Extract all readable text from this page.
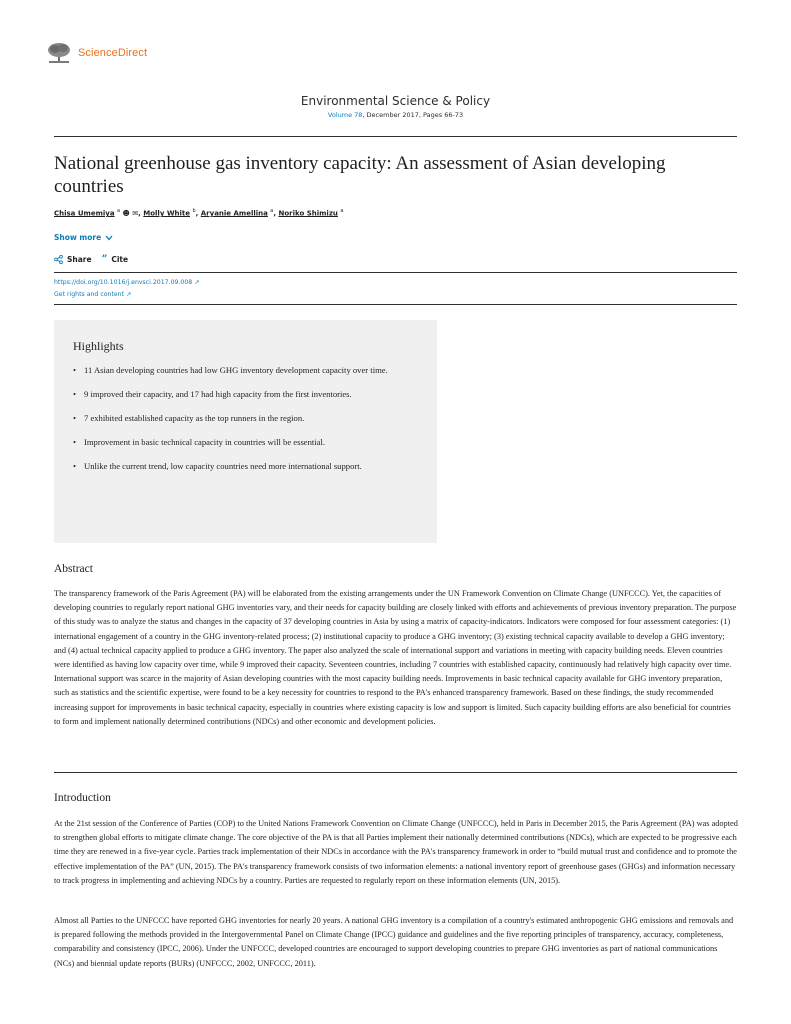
ScienceDirect
Environmental Science & Policy
Volume 78, December 2017, Pages 66-73
National greenhouse gas inventory capacity: An assessment of Asian developing countries
Chisa Umemiya $^a$ ☻ ✉, Molly White $^b$, Aryanie Amellina $^a$, Noriko Shimizu $^a$
Show more
Share ” Cite
https://doi.org/10.1016/j.envsci.2017.09.008 ↗
Get rights and content ↗
Highlights
• 11 Asian developing countries had low GHG inventory development capacity over time.
• 9 improved their capacity, and 17 had high capacity from the first inventories.
• 7 exhibited established capacity as the top runners in the region.
• Improvement in basic technical capacity in countries will be essential.
• Unlike the current trend, low capacity countries need more international support.
Abstract

The transparency framework of the Paris Agreement (PA) will be elaborated from the existing arrangements under the UN Framework Convention on Climate Change (UNFCCC). Yet, the capacities of developing countries to regularly report national GHG inventories vary, and their needs for capacity building are closely linked with efforts and achievements of previous inventory preparation. The purpose of this study was to analyze the status and changes in the capacity of 37 developing countries in Asia by using a matrix of capacity-indicators. Indicators were composed for four assessment categories: (1) international engagement of a country in the GHG inventory-related process; (2) institutional capacity to produce a GHG inventory; (3) existing technical capacity available to develop a GHG inventory; and (4) actual technical capacity applied to produce a GHG inventory. The paper also analyzed the scale of international support and variations in meeting with capacity building needs. Eleven countries were identified as having low capacity over time, while 9 improved their capacity. Seventeen countries, including 7 countries with established capacity, continuously had relatively high capacity over time. International support was scarce in the majority of Asian developing countries with the most capacity building needs. Improvements in basic technical capacity available for GHG inventory preparation, such as statistics and the scientific expertise, were found to be a key necessity for countries to respond to the PA's enhanced transparency framework. Based on these findings, the study recommended increasing support for improvements in basic technical capacity, especially in countries where existing capacity is low and support is limited. Such capacity building efforts are also beneficial for countries to form and implement nationally determined contributions (NDCs) and other economic and development policies.

Introduction

At the 21st session of the Conference of Parties (COP) to the United Nations Framework Convention on Climate Change (UNFCCC), held in Paris in December 2015, the Paris Agreement (PA) was adopted to strengthen global efforts to mitigate climate change. The core objective of the PA is that all Parties implement their nationally determined contributions (NDCs), which are expected to be progressive each time they are renewed in a five-year cycle. Parties track implementation of their NDCs in accordance with the PA's transparency framework in order to “build mutual trust and confidence and to promote the effective implementation of the PA” (UN, 2015). The PA's transparency framework consists of two information elements: a national inventory report of greenhouse gases (GHGs) and information necessary to track progress in implementing and achieving NDCs by a country. Parties are requested to regularly report on these information elements (UN, 2015).

Almost all Parties to the UNFCCC have reported GHG inventories for nearly 20 years. A national GHG inventory is a compilation of a country's estimated anthropogenic GHG emissions and removals and is prepared following the methods provided in the Intergovernmental Panel on Climate Change (IPCC) guidance and guidelines and the five reporting principles of transparency, accuracy, completeness, comparability and consistency (IPCC, 2006). Under the UNFCCC, developed countries are encouraged to support developing countries to prepare GHG inventories as part of national communications (NCs) and biennial update reports (BURs) (UNFCCC, 2002, UNFCCC, 2011).
